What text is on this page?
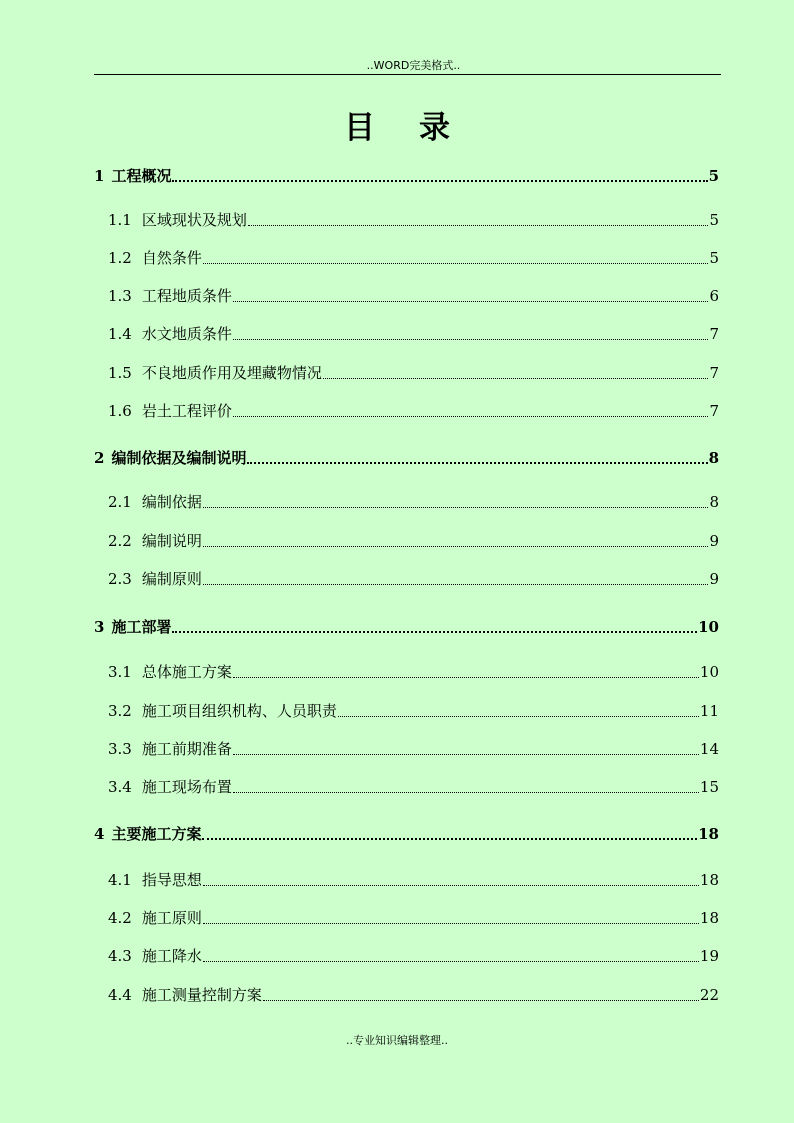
..WORD完美格式..
目录
1 工程概况	5
1.1 区域现状及规划	5
1.2 自然条件	5
1.3 工程地质条件	6
1.4 水文地质条件	7
1.5 不良地质作用及埋藏物情况	7
1.6 岩土工程评价	7
2 编制依据及编制说明	8
2.1 编制依据	8
2.2 编制说明	9
2.3 编制原则	9
3 施工部署	10
3.1 总体施工方案	10
3.2 施工项目组织机构、人员职责	11
3.3 施工前期准备	14
3.4 施工现场布置	15
4 主要施工方案	18
4.1 指导思想	18
4.2 施工原则	18
4.3 施工降水	19
4.4 施工测量控制方案	22
..专业知识编辑整理..
